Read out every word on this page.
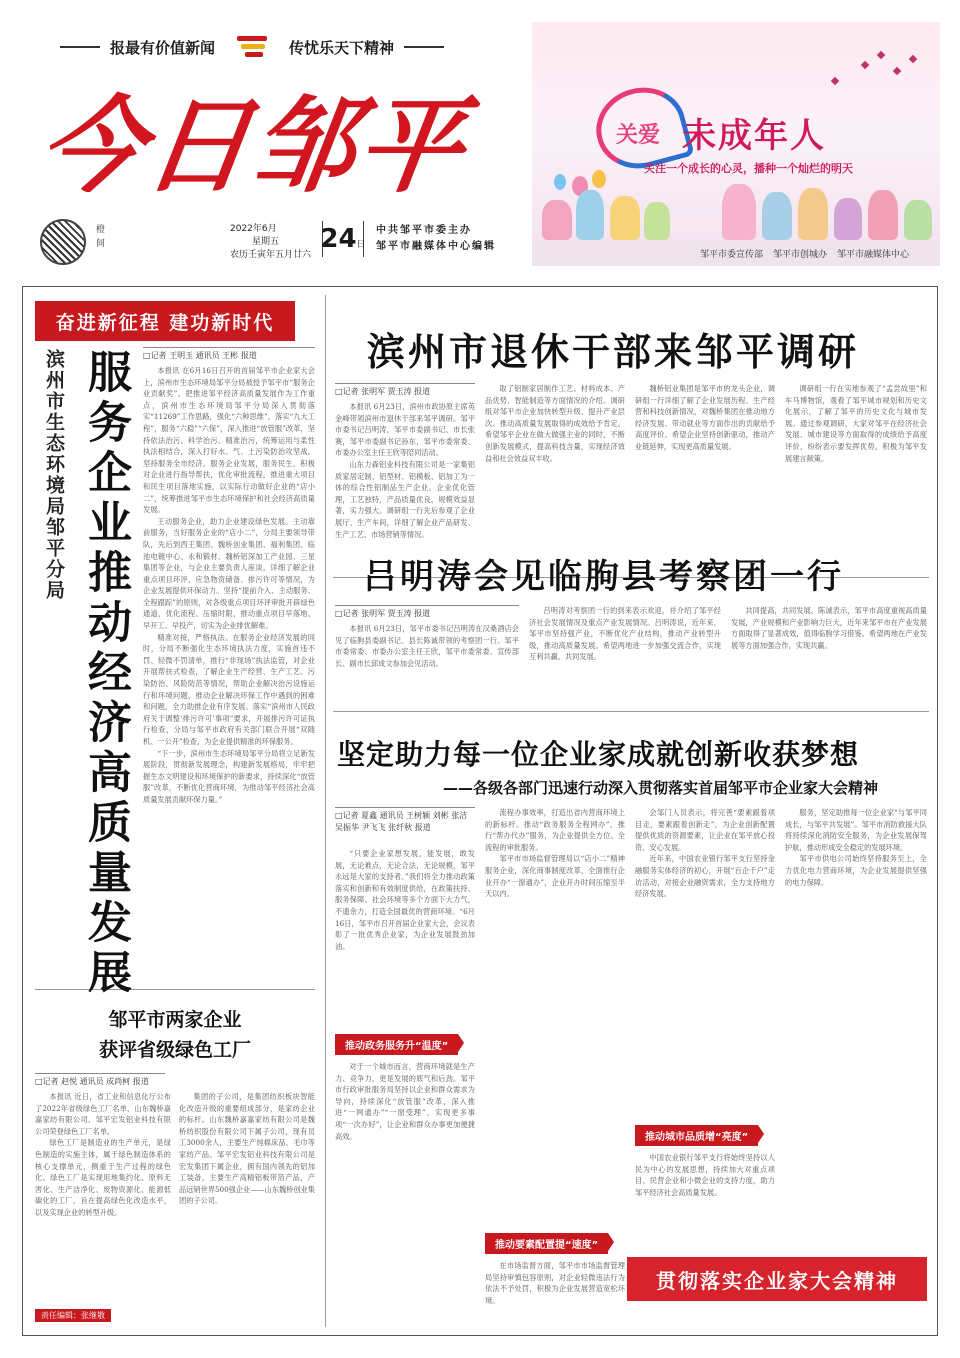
报最有价值新闻	传忧乐天下精神
今日邹平
橙 间
2022年6月
星期五
农历壬寅年五月廿六
24 日
中共邹平市委主办
邹平市融媒体中心编辑
关爱 未成年人
关注一个成长的心灵，播种一个灿烂的明天
邹平市委宣传部 邹平市创城办 邹平市融媒体中心
奋进新征程 建功新时代
滨州市生态环境局邹平分局 服务企业推动经济高质量发展 □记者 王明玉 通讯员 王彬 报道

本报讯 在6月16日召开的首届邹平市企业家大会上，滨州市生态环境局邹平分局被授予邹平市“服务企业贡献奖”。把推进邹平经济高质量发展作为工作重点，滨州市生态环境局邹平分局深入贯彻落实“11269”工作思路，强化“六种思维”，落实“九大工程”，服务“六稳”“六保”，深入推进“放管服”改革，坚持依法治污、科学治污、精准治污，统筹运用与柔性执法相结合，深入打好水、气、土污染防治攻坚战，坚持服务全市经济，服务企业发展，服务民生，积极对企业进行指导帮扶，优化审批流程，推进重大项目和民生项目落地实施，以实际行动做好企业的“店小二”，统筹推进邹平市生态环境保护和社会经济高质量发展。

王动服务企业，助力企业建设绿色发展。主动靠前服务，当好服务企业的“店小二”，分局主要领导带队，先后到西王集团、魏桥创业集团、福利集团、临池电镀中心、永和锻材、魏桥铝深加工产业园、三星集团等企业，与企业主要负责人座谈，详细了解企业重点项目环评、应急物资储备、排污许可等情况，为企业发展提供环保动力。坚持“提前介入、主动服务、全程跟踪”的原则，对各级重点项目环评审批开辟绿色通道，优化流程、压缩时限，推动重点项目早落地、早开工、早投产，切实为企业排忧解难。

精准对接，严格执法。在服务企业经济发展的同时，分局不断强化生态环境执法力度，实施首违不罚、轻微不罚清单，推行“非现场”执法监管，对企业开展帮扶式检查，了解企业生产经营、生产工艺、污染防治、风险防范等情况，帮助企业解决治污设施运行和环境问题，推动企业解决环保工作中遇到的困难和问题，全力助推企业有序发展。落实“滨州市人民政府关于调整‘排污许可’事项”要求，开展排污许可证执行检查，分局与邹平市政府有关部门联合开展“双随机、一公开”检查，为企业提供精准的环保服务。

“下一步，滨州市生态环境局邹平分局将立足新发展阶段，贯彻新发展理念，构建新发展格局，牢牢把握生态文明建设和环境保护的新要求，持续深化“放管服”改革，不断优化营商环境，为推动邹平经济社会高质量发展贡献环保力量。”

邹平市两家企业
获评省级绿色工厂
□记者 赵悦 通讯员 成尚柯 报道

本报讯 近日，省工业和信息化厅公布了2022年省级绿色工厂名单，山东魏桥嘉嘉家纺有限公司、邹平宏发铝业科技有限公司荣登绿色工厂名单。

绿色工厂是制造业的生产单元，是绿色制造的实施主体，属于绿色制造体系的核心支撑单元，侧重于生产过程的绿色化。绿色工厂是实现用地集约化、原料无害化、生产洁净化、废物资源化、能源低碳化的工厂，旨在提高绿色化改造水平，以及实现企业的转型升级。

集团的子公司，是集团纺织板块智能化改造升级的重要组成部分，是家纺企业的标杆。山东魏桥嘉嘉家纺有限公司是魏桥纺织股份有限公司下属子公司，现有员工3000余人，主要生产纯棉床品、毛巾等家纺产品。邹平宏发铝业科技有限公司是宏发集团下属企业，拥有国内领先的铝加工装备，主要生产高精铝板带箔产品，产品远销世界500强企业——山东魏桥创业集团的子公司。

责任编辑：张继敬
滨州市退休干部来邹平调研
□记者 张明军 贾玉涛 报道

本报讯 6月23日，滨州市政协原主席英金峰带领滨州市退休干部来邹平调研。邹平市委书记吕明涛，邹平市委副书记、市长张赛，邹平市委副书记孙东，邹平市委常委、市委办公室主任王欣等陪同活动。

山东力森铝业科技有限公司是一家集铝质家居定制、铝型材、铝模板、铝加工为一体的综合性铝制品生产企业。企业优化管理，工艺独特，产品质量优良，规模效益显著，实力强大。调研组一行先后参观了企业展厅、生产车间，详细了解企业产品研发、生产工艺、市场营销等情况。

取了铝制家居制作工艺、材料成本、产品优势、智能制造等方面情况的介绍。调研组对邹平市企业加快转型升级、提升产业层次、推动高质量发展取得的成效给予肯定。希望邹平企业在做大做强主业的同时，不断创新发展模式，提高科技含量，实现经济效益和社会效益双丰收。

魏桥铝业集团是邹平市的龙头企业，调研组一行详细了解了企业发展历程、生产经营和科技创新情况，对魏桥集团在推动地方经济发展、带动就业等方面作出的贡献给予高度评价。希望企业坚持创新驱动，推动产业链延伸，实现更高质量发展。

调研组一行在实地参观了“孟尝故里”和车马博物馆，观看了邹平城市规划和历史文化展示，了解了邹平的历史文化与城市发展。通过参观调研，大家对邹平在经济社会发展、城市建设等方面取得的成绩给予高度评价，纷纷表示要发挥优势，积极为邹平发展建言献策。

吕明涛会见临朐县考察团一行
□记者 张明军 贾玉涛 报道

本报讯 6月23日，邹平市委书记吕明涛在汉桑酒店会见了临朐县委副书记、县长陈诚带领的考察团一行。邹平市委常委、市委办公室主任王欣，邹平市委常委、宣传部长、副市长邱成文参加会见活动。

吕明涛对考察团一行的到来表示欢迎，并介绍了邹平经济社会发展情况及重点产业发展情况。吕明涛说，近年来，邹平市坚持强产业，不断优化产业结构，推动产业转型升级，推动高质量发展。希望两地进一步加强交流合作，实现互利共赢、共同发展。

共同提高，共同发展。陈诚表示，邹平市高度重视高质量发展，产业规模和产业影响力巨大，近年来邹平市在产业发展方面取得了显著成效，值得临朐学习借鉴。希望两地在产业发展等方面加强合作，实现共赢。

坚定助力每一位企业家成就创新收获梦想
——各级各部门迅速行动深入贯彻落实首届邹平市企业家大会精神
□记者 夏鑫 通讯员 王树颖 刘彬 张洁 吴振华 尹飞飞 张纤秋 报道

“只要企业家想发展，能发展，敢发展，无论难点，无论合法，无论规模，邹平永远是大家的支持者。”我们将全力推动政策落实和创新和有效制度供给，在政策扶持、服务保障、社会环境等多个方面下大力气，不遗余力，打造全国最优的营商环境。“6月16日，邹平市召开首届企业家大会，会议表彰了一批优秀企业家，为企业发展鼓劲加油。

推动政务服务升“温度”

对于一个城市而言，营商环境就是生产力、竞争力，更是发展的底气和后劲。邹平市行政审批服务局坚持以企业和群众需求为导向，持续深化“放管服”改革，深入推进“一网通办”“一窗受理”，实现更多事项“一次办好”，让企业和群众办事更加便捷高效。

流程办事效率，打造出省内营商环境上的新标杆。推动“政务服务全程网办”，推行“帮办代办”服务，为企业提供全方位、全流程的审批服务。

邹平市市场监督管理局以“店小二”精神服务企业，深化商事制度改革，全面推行企业开办“一窗通办”，企业开办时间压缩至半天以内。

推动要素配置提“速度”

在市场监督方面，邹平市市场监督管理局坚持审慎包容原则，对企业轻微违法行为依法不予处罚，积极为企业发展营造宽松环境。

会邹门人员表示，将完善“要素跟着项目走，要素跟着创新走”，为企业创新配置提供优质的资源要素，让企业在邹平放心投资、安心发展。

近年来，中国农业银行邹平支行坚持金融服务实体经济的初心，开展“百企千户”走访活动，对接企业融资需求，全力支持地方经济发展。

推动城市品质增“亮度”

中国农业银行邹平支行将始终坚持以人民为中心的发展思想，持续加大对重点项目、民营企业和小微企业的支持力度，助力邹平经济社会高质量发展。

服务，坚定助推每一位企业家“与邹平同成长，与邹平共发展”。邹平市消防救援大队将持续深化消防安全服务，为企业发展保驾护航，推动形成安全稳定的发展环境。

邹平市供电公司始终坚持服务至上，全力优化电力营商环境，为企业发展提供坚强的电力保障。

贯彻落实企业家大会精神
